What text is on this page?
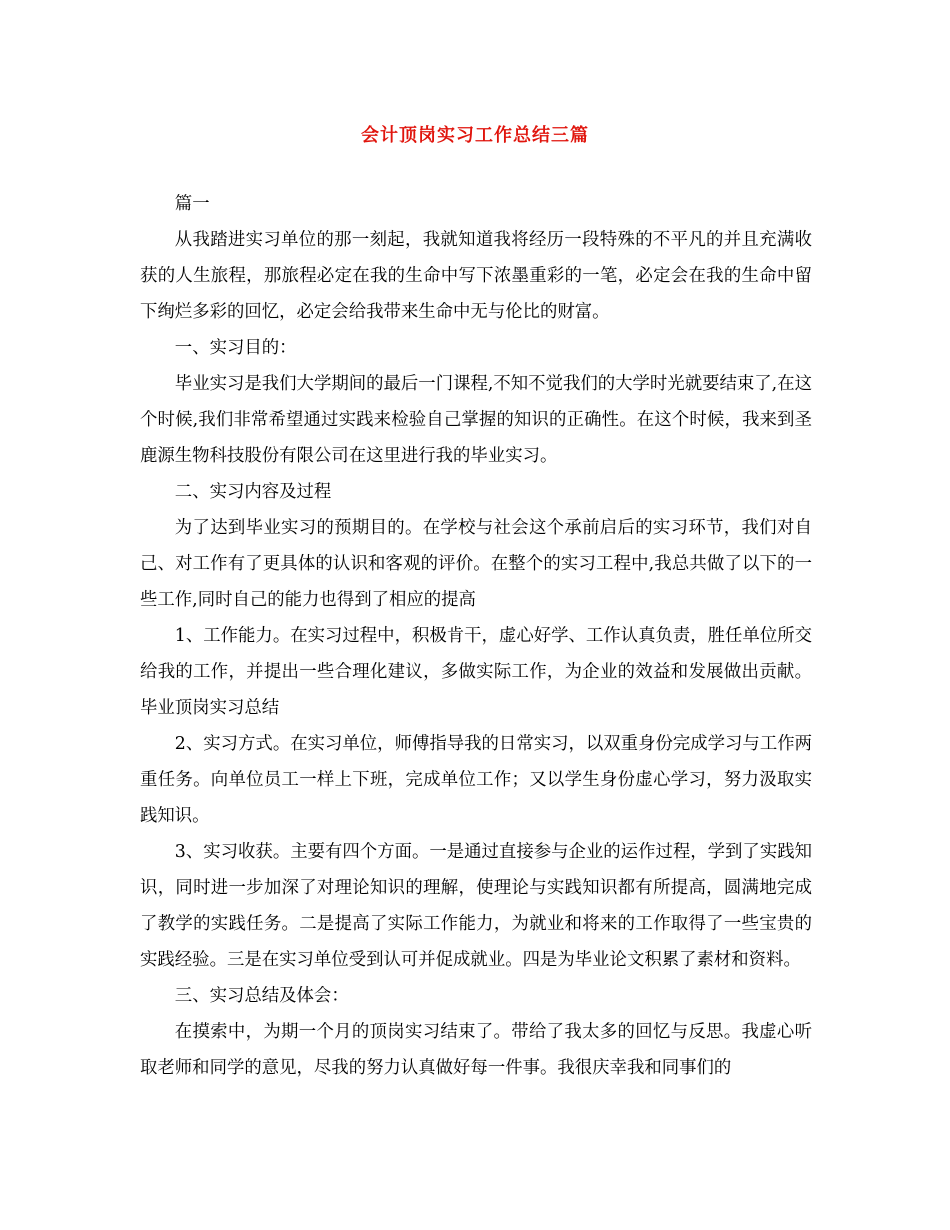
会计顶岗实习工作总结三篇

篇一

从我踏进实习单位的那一刻起，我就知道我将经历一段特殊的不平凡的并且充满收获的人生旅程，那旅程必定在我的生命中写下浓墨重彩的一笔，必定会在我的生命中留下绚烂多彩的回忆，必定会给我带来生命中无与伦比的财富。

一、实习目的：

毕业实习是我们大学期间的最后一门课程,不知不觉我们的大学时光就要结束了,在这个时候,我们非常希望通过实践来检验自己掌握的知识的正确性。在这个时候，我来到圣鹿源生物科技股份有限公司在这里进行我的毕业实习。

二、实习内容及过程

为了达到毕业实习的预期目的。在学校与社会这个承前启后的实习环节，我们对自己、对工作有了更具体的认识和客观的评价。在整个的实习工程中,我总共做了以下的一些工作,同时自己的能力也得到了相应的提高

1、工作能力。在实习过程中，积极肯干，虚心好学、工作认真负责，胜任单位所交给我的工作，并提出一些合理化建议，多做实际工作，为企业的效益和发展做出贡献。毕业顶岗实习总结

2、实习方式。在实习单位，师傅指导我的日常实习，以双重身份完成学习与工作两重任务。向单位员工一样上下班，完成单位工作；又以学生身份虚心学习，努力汲取实践知识。

3、实习收获。主要有四个方面。一是通过直接参与企业的运作过程，学到了实践知识，同时进一步加深了对理论知识的理解，使理论与实践知识都有所提高，圆满地完成了教学的实践任务。二是提高了实际工作能力，为就业和将来的工作取得了一些宝贵的实践经验。三是在实习单位受到认可并促成就业。四是为毕业论文积累了素材和资料。

三、实习总结及体会：

在摸索中，为期一个月的顶岗实习结束了。带给了我太多的回忆与反思。我虚心听取老师和同学的意见，尽我的努力认真做好每一件事。我很庆幸我和同事们的
